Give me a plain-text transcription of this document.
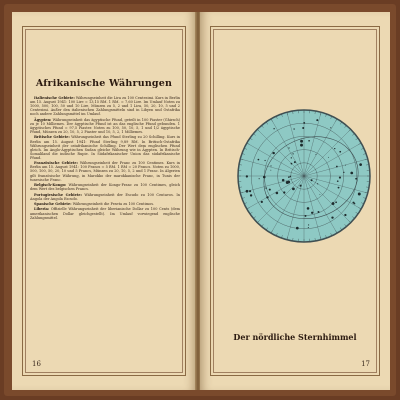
Afrikanische Währungen

Italienische Gebiete: Währungseinheit die Lira zu 100 Centesimi. Kurs in Berlin am 15. August 1941: 100 Lire = 13,15 RM. 1 RM. = 7,60 Lire. Im Umlauf Noten zu 1000, 500, 100, 50 und 10 Lire, Münzen zu 5, 2 und 1 Lira, 50, 20, 10, 5 und 2 Centesimi. Außer den italienischen Zahlungsmitteln sind in Libyen und Ostafrika noch andere Zahlungsmittel im Umlauf.

Ägypten: Währungseinheit das ägyptische Pfund, geteilt in 100 Piaster (Ghirsch) zu je 10 Milliemes. Der ägyptische Pfund ist an das englische Pfund gebunden. 1 ägyptisches Pfund = 97,5 Piaster. Noten zu 100, 50, 10, 5, 1 und 1/2 ägyptische Pfund, Münzen zu 20, 10, 5, 2 Piaster und 10, 5, 2, 1 Milliemes.

Britische Gebiete: Währungseinheit das Pfund Sterling zu 20 Schilling. Kurs in Berlin am 15. August 1941: Pfund Sterling 9,89 RM. In Britisch-Ostafrika Währungseinheit der ostafrikanische Schilling. Der Wert dem englischen Pfund gleich. Im Anglo-Ägyptischen Sudan gleiche Währung wie in Ägypten. In Britisch-Somaliland die indische Rupie. In Südafrikanischer Union das südafrikanische Pfund.

Französische Gebiete: Währungseinheit der Franc zu 100 Centimes. Kurs in Berlin am 15. August 1941: 100 Francs = 5 RM. 1 RM = 20 Francs. Noten zu 1000, 500, 100, 50, 20, 10 und 5 Francs, Münzen zu 20, 10, 5, 2 und 1 Franc. In Algerien gilt französische Währung, in Marokko der marokkanische Franc, in Tunis der tunesische Franc.

Belgisch-Kongo: Währungseinheit der Kongo-Franc zu 100 Centimes, gleich dem Wert des belgischen Francs.

Portugiesische Gebiete: Währungseinheit der Escudo zu 100 Centavos. In Angola der Angola Escudo.

Spanische Gebiete: Währungseinheit die Peseta zu 100 Centimos.

Liberia: Offizielle Währungseinheit der liberianische Dollar zu 100 Cents (dem amerikanischen Dollar gleichgestellt). Im Umlauf vorwiegend englische Zahlungsmittel.

16
Der nördliche Sternhimmel
17
